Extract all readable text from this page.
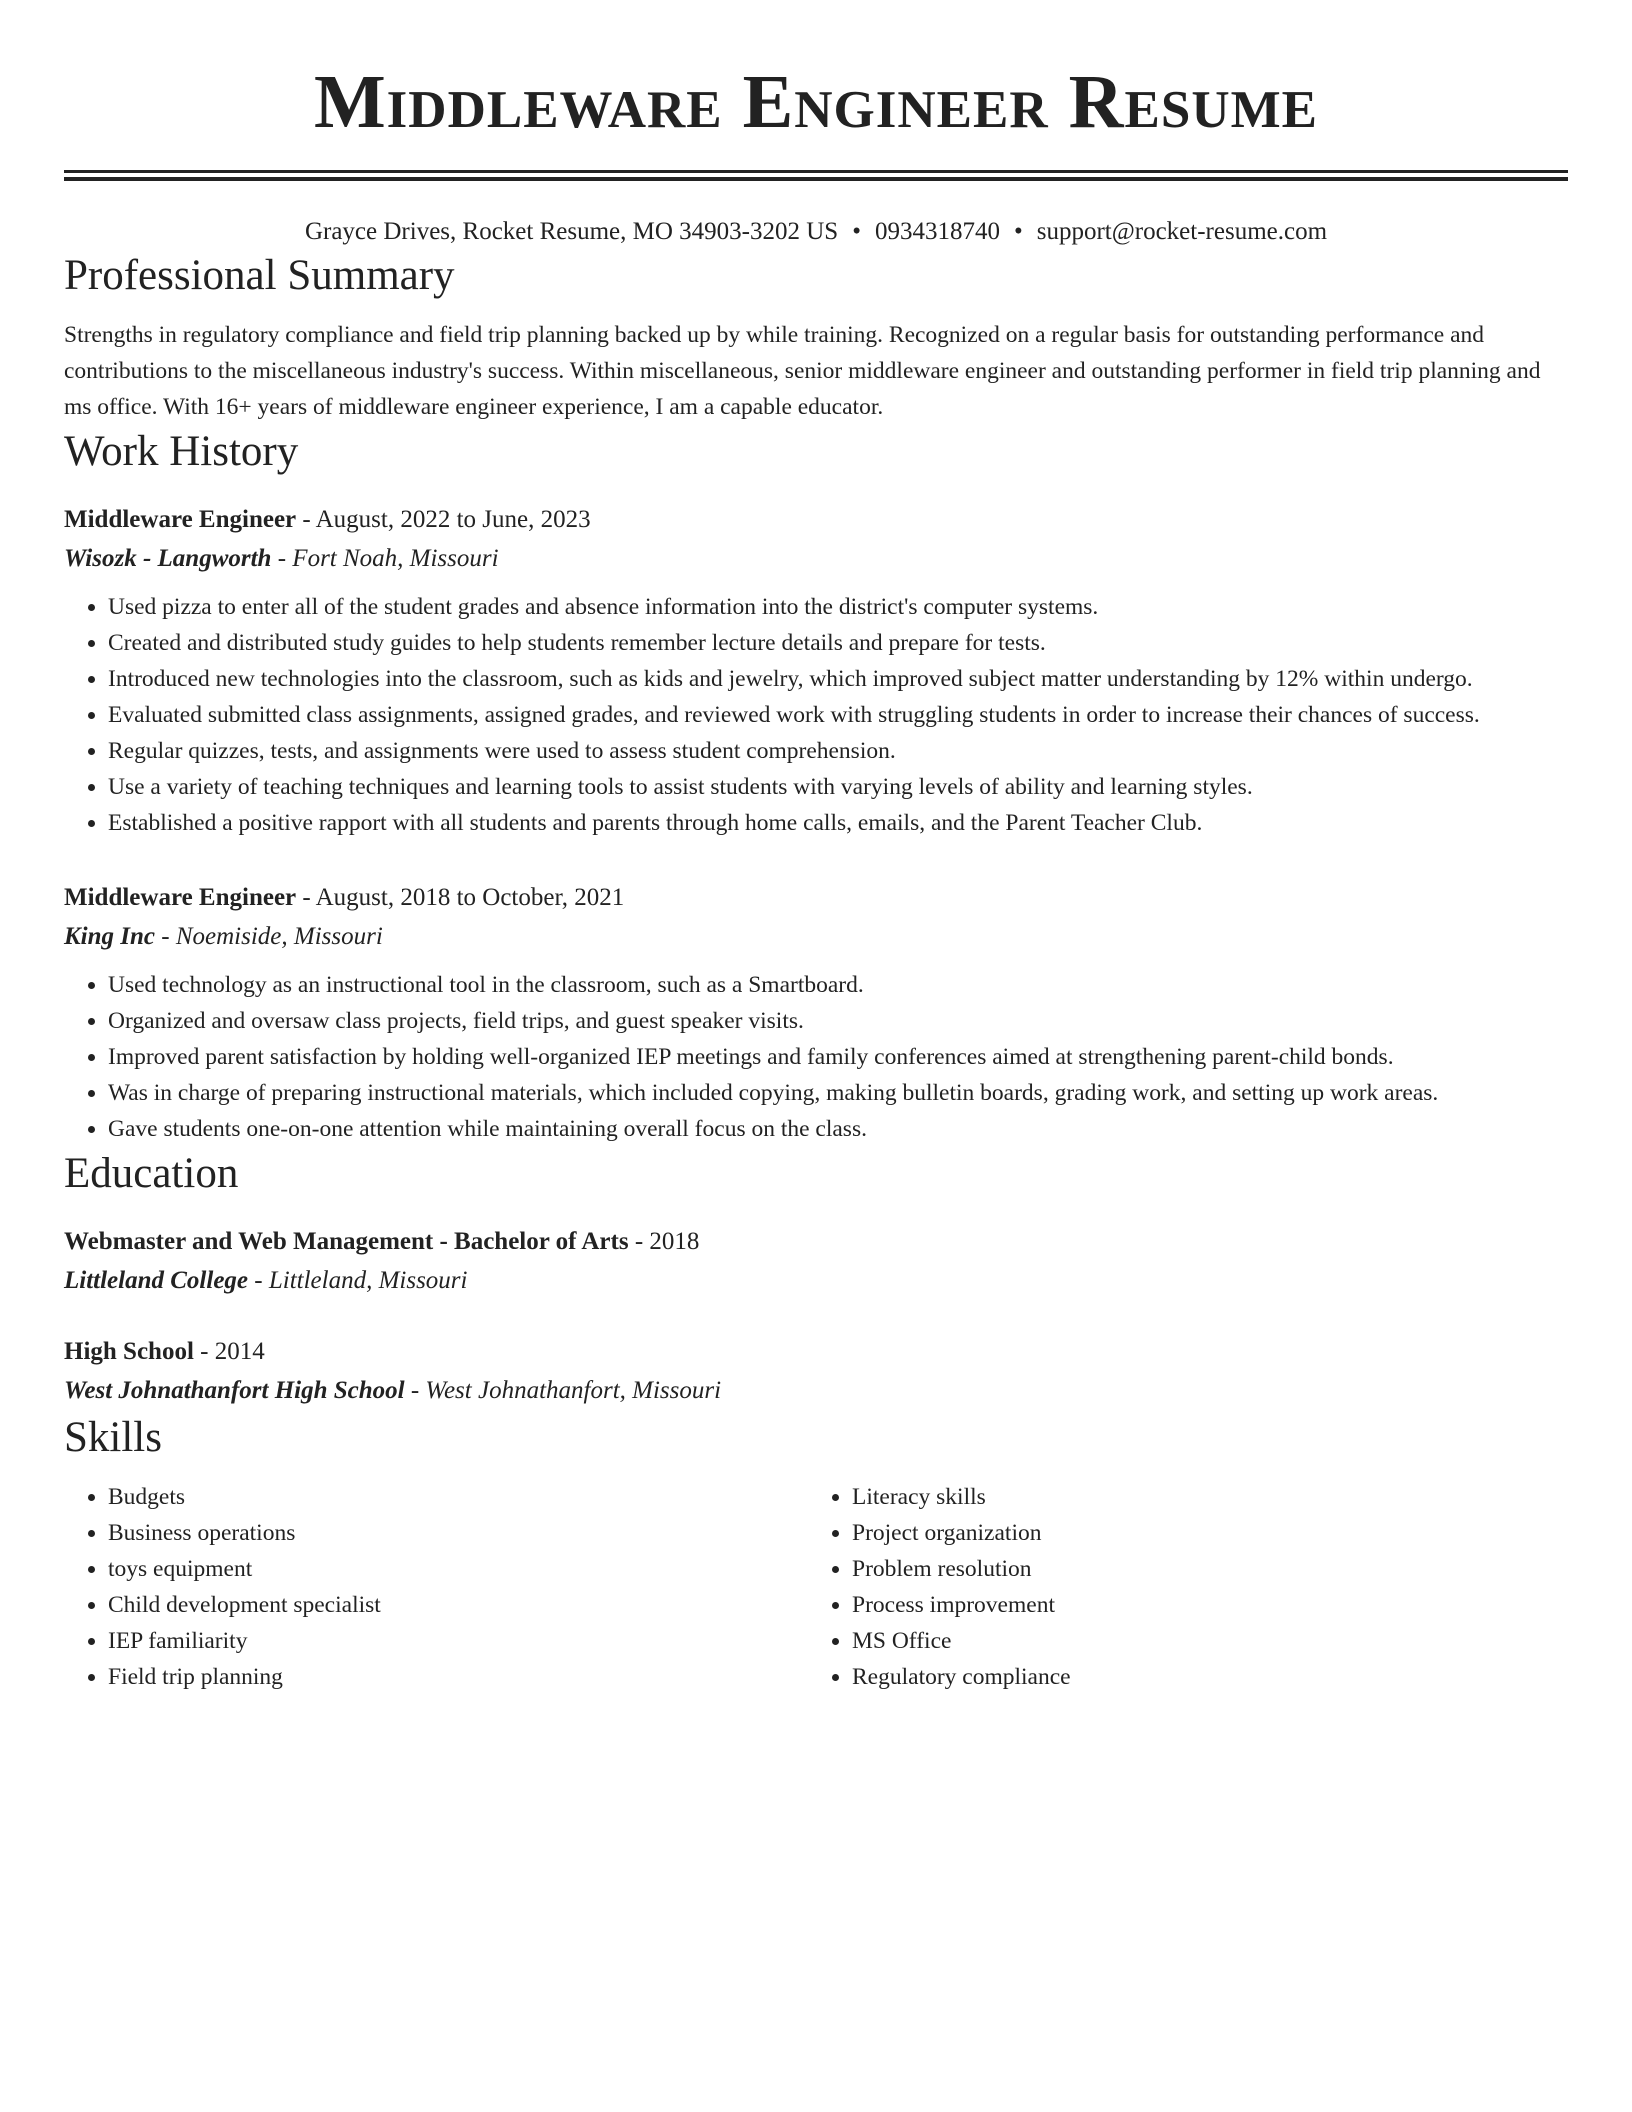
Middleware Engineer Resume
Grayce Drives, Rocket Resume, MO 34903-3202 US • 0934318740 • support@rocket-resume.com
Professional Summary
Strengths in regulatory compliance and field trip planning backed up by while training. Recognized on a regular basis for outstanding performance and contributions to the miscellaneous industry's success. Within miscellaneous, senior middleware engineer and outstanding performer in field trip planning and ms office. With 16+ years of middleware engineer experience, I am a capable educator.
Work History
Middleware Engineer - August, 2022 to June, 2023
Wisozk - Langworth - Fort Noah, Missouri
• Used pizza to enter all of the student grades and absence information into the district's computer systems.
• Created and distributed study guides to help students remember lecture details and prepare for tests.
• Introduced new technologies into the classroom, such as kids and jewelry, which improved subject matter understanding by 12% within undergo.
• Evaluated submitted class assignments, assigned grades, and reviewed work with struggling students in order to increase their chances of success.
• Regular quizzes, tests, and assignments were used to assess student comprehension.
• Use a variety of teaching techniques and learning tools to assist students with varying levels of ability and learning styles.
• Established a positive rapport with all students and parents through home calls, emails, and the Parent Teacher Club.
Middleware Engineer - August, 2018 to October, 2021
King Inc - Noemiside, Missouri
• Used technology as an instructional tool in the classroom, such as a Smartboard.
• Organized and oversaw class projects, field trips, and guest speaker visits.
• Improved parent satisfaction by holding well-organized IEP meetings and family conferences aimed at strengthening parent-child bonds.
• Was in charge of preparing instructional materials, which included copying, making bulletin boards, grading work, and setting up work areas.
• Gave students one-on-one attention while maintaining overall focus on the class.
Education
Webmaster and Web Management - Bachelor of Arts - 2018
Littleland College - Littleland, Missouri
High School - 2014
West Johnathanfort High School - West Johnathanfort, Missouri
Skills
• Budgets
• Business operations
• toys equipment
• Child development specialist
• IEP familiarity
• Field trip planning
• Literacy skills
• Project organization
• Problem resolution
• Process improvement
• MS Office
• Regulatory compliance
